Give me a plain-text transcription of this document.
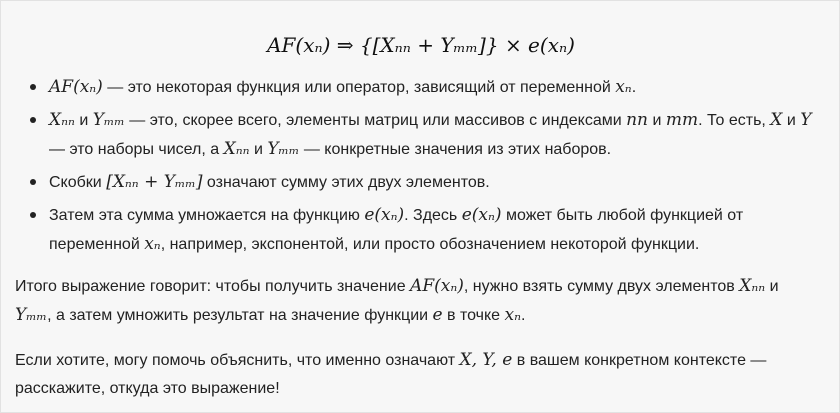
AF(xₙ) ⇒ {[Xₙₙ + Yₘₘ]} × e(xₙ)
AF(xₙ) — это некоторая функция или оператор, зависящий от переменной xₙ.
Xₙₙ и Yₘₘ — это, скорее всего, элементы матриц или массивов с индексами nn и mm. То есть, X и Y — это наборы чисел, а Xₙₙ и Yₘₘ — конкретные значения из этих наборов.
Скобки [Xₙₙ + Yₘₘ] означают сумму этих двух элементов.
Затем эта сумма умножается на функцию e(xₙ). Здесь e(xₙ) может быть любой функцией от переменной xₙ, например, экспонентой, или просто обозначением некоторой функции.

Итого выражение говорит: чтобы получить значение AF(xₙ), нужно взять сумму двух элементов Xₙₙ и Yₘₘ, а затем умножить результат на значение функции e в точке xₙ.

Если хотите, могу помочь объяснить, что именно означают X, Y, e в вашем конкретном контексте — расскажите, откуда это выражение!
